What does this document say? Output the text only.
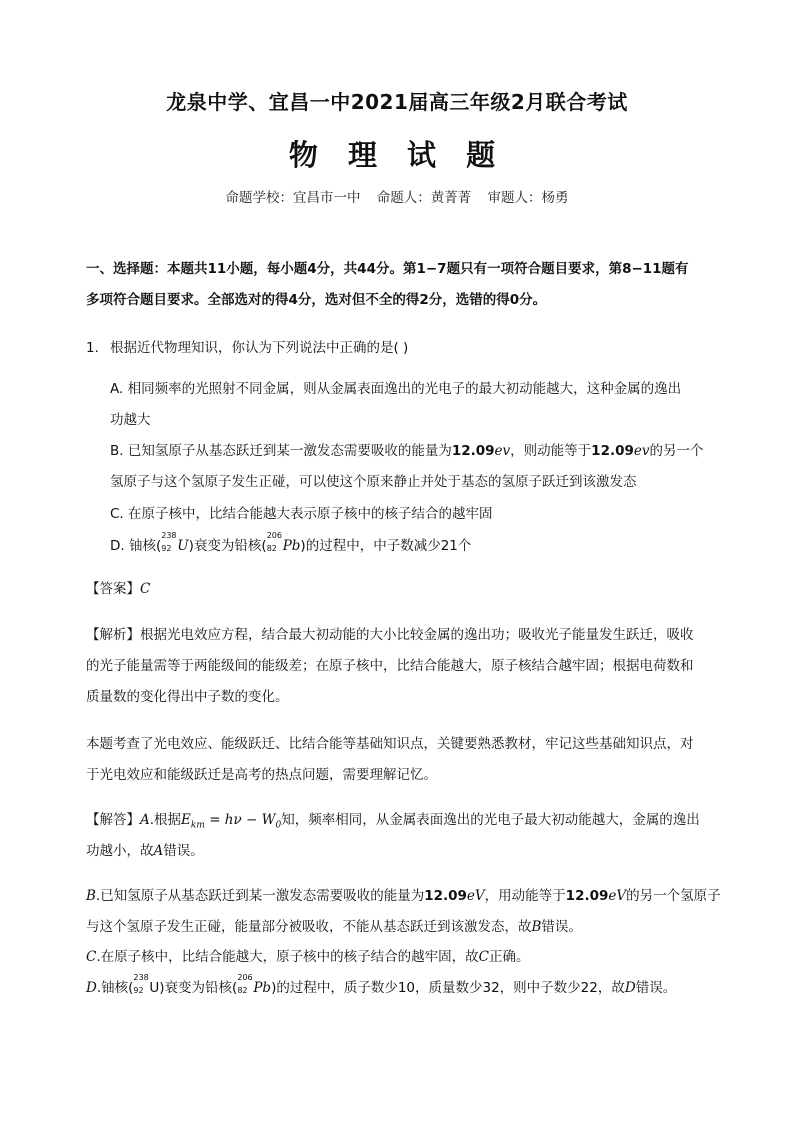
龙泉中学、宜昌一中2021届高三年级2月联合考试
物 理 试 题
命题学校：宜昌市一中 命题人：黄菁菁 审题人：杨勇
一、选择题：本题共11小题，每小题4分，共44分。第1−7题只有一项符合题目要求，第8−11题有
多项符合题目要求。全部选对的得4分，选对但不全的得2分，选错的得0分。
1. 根据近代物理知识，你认为下列说法中正确的是( )
A. 相同频率的光照射不同金属，则从金属表面逸出的光电子的最大初动能越大，这种金属的逸出
功越大
B. 已知氢原子从基态跃迁到某一激发态需要吸收的能量为12.09ev，则动能等于12.09ev的另一个
氢原子与这个氢原子发生正碰，可以使这个原来静止并处于基态的氢原子跃迁到该激发态
C. 在原子核中，比结合能越大表示原子核中的核子结合的越牢固
D. 铀核(
238
92 U)衰变为铅核(
206
82 Pb)的过程中，中子数减少21个
【答案】C
【解析】根据光电效应方程，结合最大初动能的大小比较金属的逸出功；吸收光子能量发生跃迁，吸收
的光子能量需等于两能级间的能级差；在原子核中，比结合能越大，原子核结合越牢固；根据电荷数和
质量数的变化得出中子数的变化。
本题考查了光电效应、能级跃迁、比结合能等基础知识点，关键要熟悉教材，牢记这些基础知识点，对
于光电效应和能级跃迁是高考的热点问题，需要理解记忆。
【解答】A.根据$E_{km} = h\nu - W_0$知，频率相同，从金属表面逸出的光电子最大初动能越大，金属的逸出
功越小，故A错误。
B.已知氢原子从基态跃迁到某一激发态需要吸收的能量为12.09eV，用动能等于12.09eV的另一个氢原子
与这个氢原子发生正碰，能量部分被吸收，不能从基态跃迁到该激发态，故B错误。
C.在原子核中，比结合能越大，原子核中的核子结合的越牢固，故C正确。
D.铀核(
238
92 U)衰变为铅核(
206
82 Pb)的过程中，质子数少10，质量数少32，则中子数少22，故D错误。
